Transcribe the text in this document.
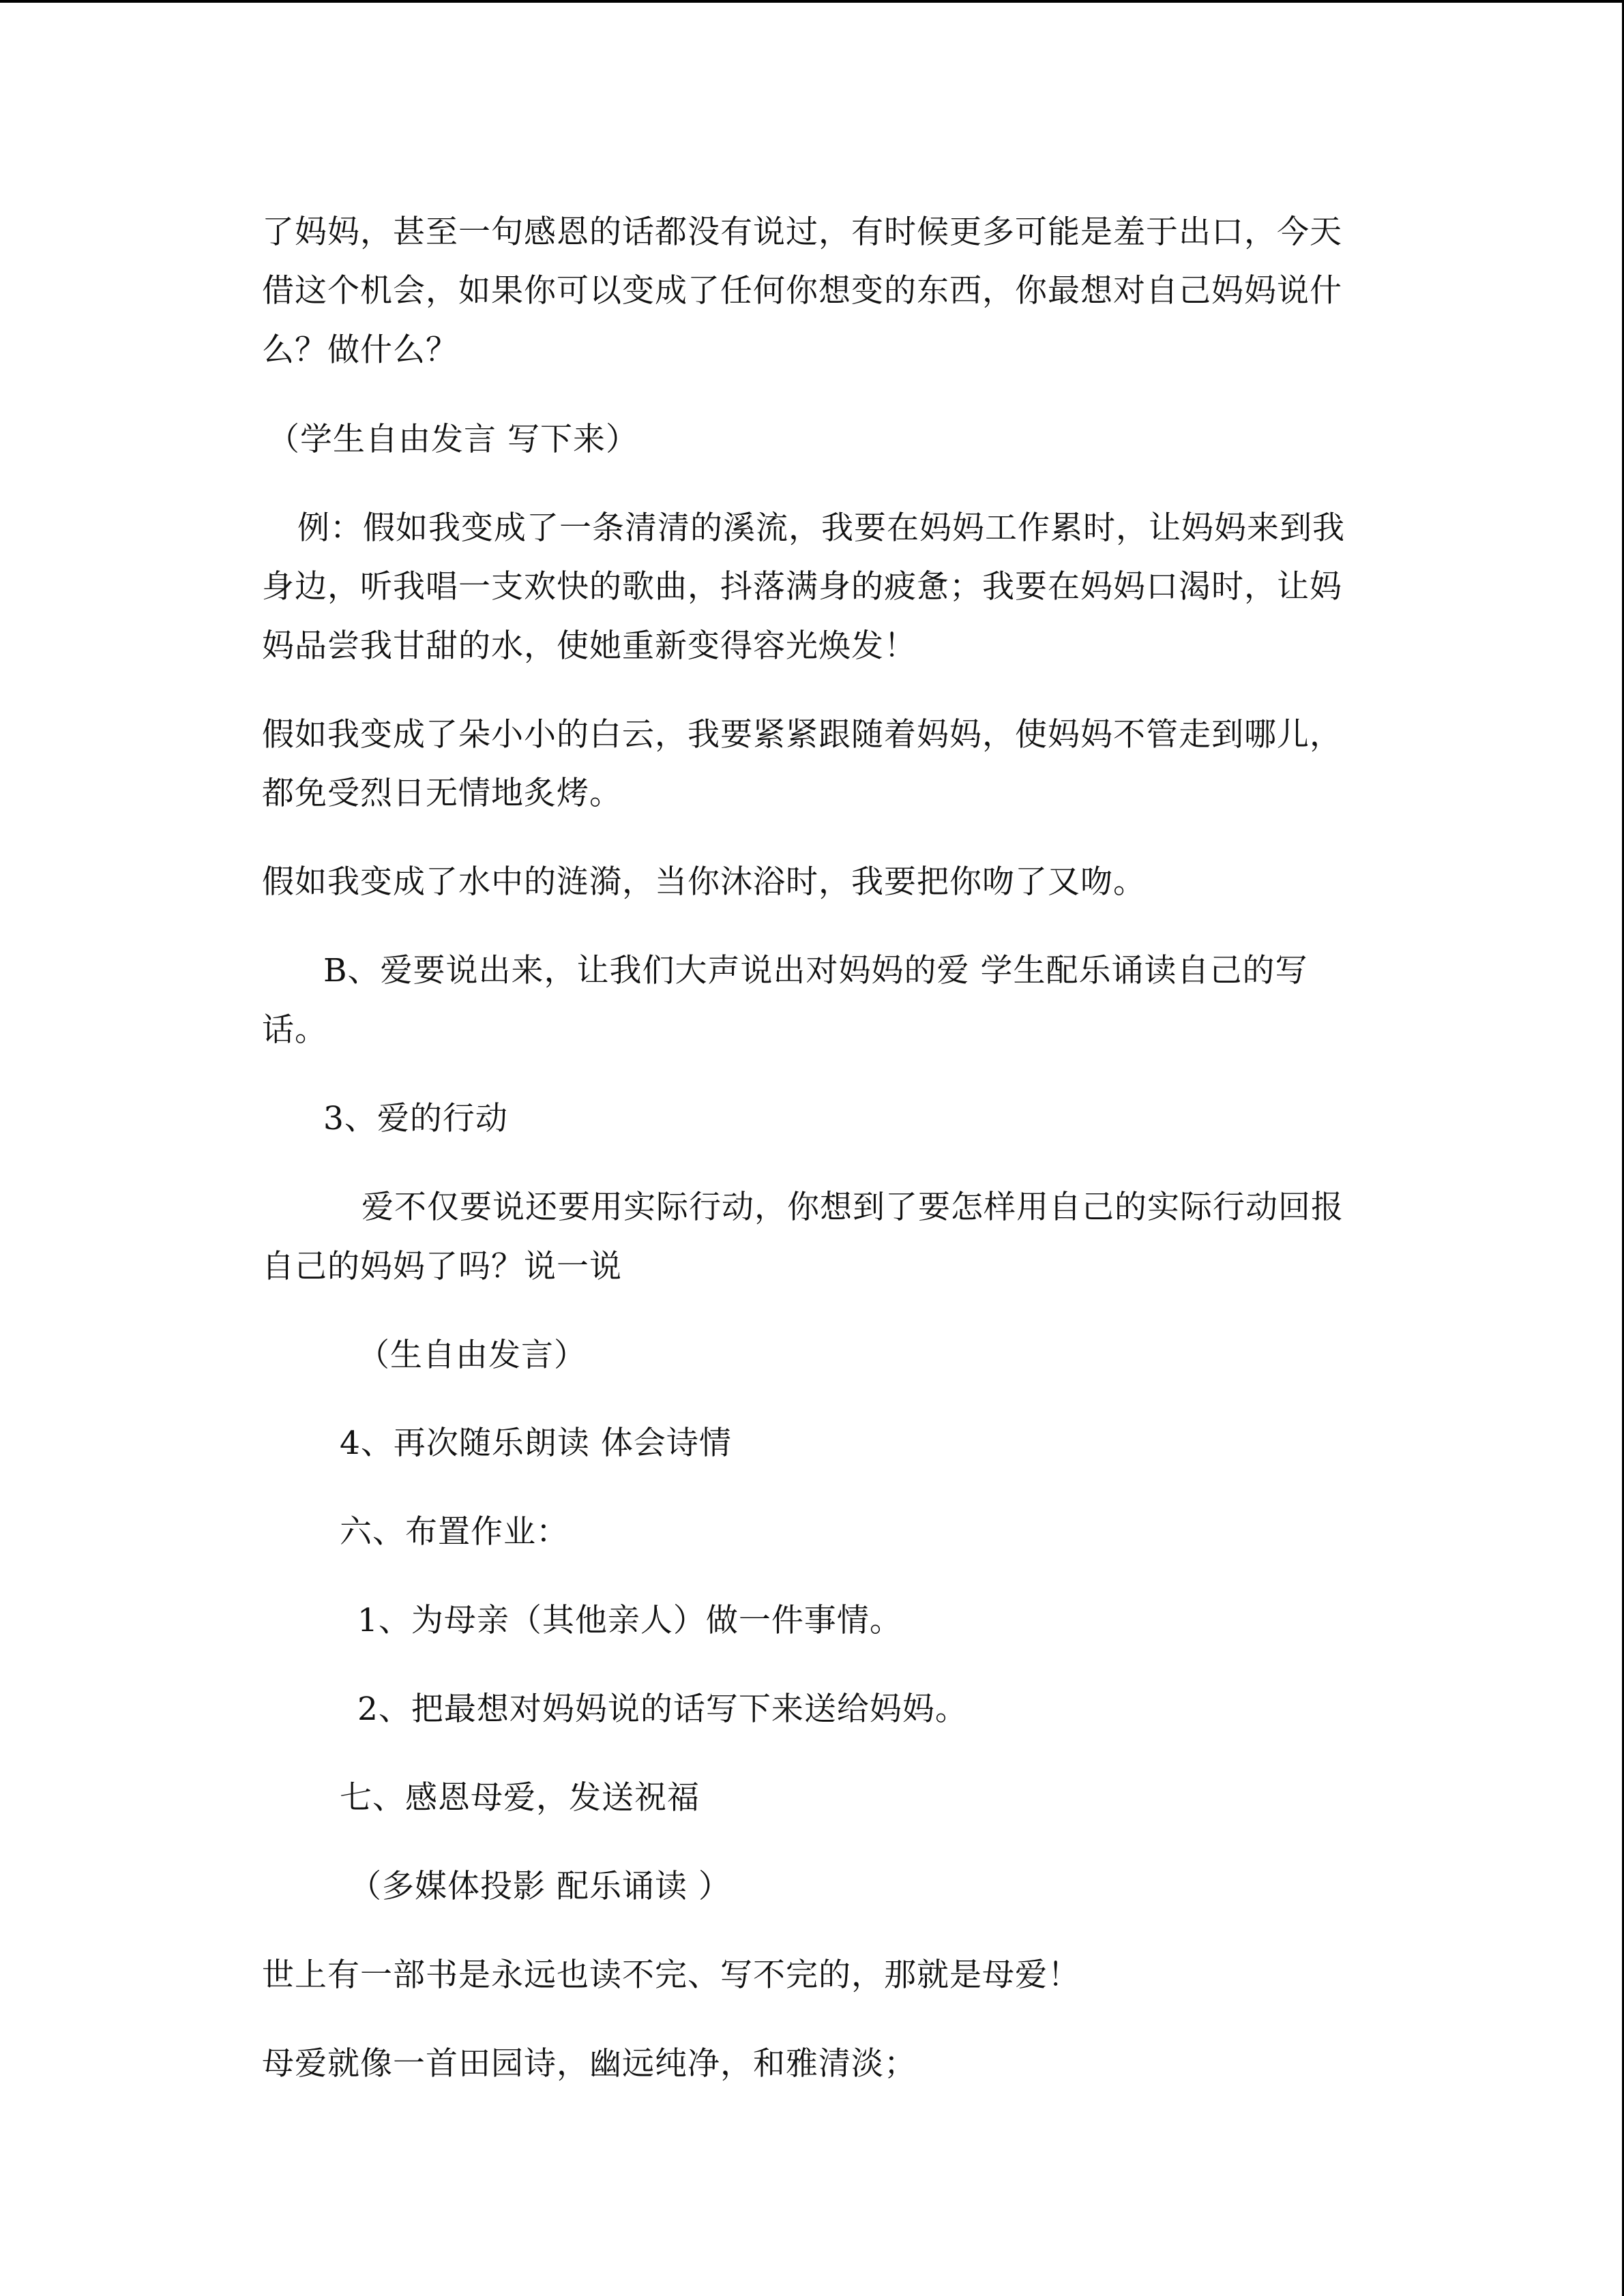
了妈妈，甚至一句感恩的话都没有说过，有时候更多可能是羞于出口，今天
借这个机会，如果你可以变成了任何你想变的东西，你最想对自己妈妈说什
么？做什么？
（学生自由发言 写下来）
例：假如我变成了一条清清的溪流，我要在妈妈工作累时，让妈妈来到我
身边，听我唱一支欢快的歌曲，抖落满身的疲惫；我要在妈妈口渴时，让妈
妈品尝我甘甜的水，使她重新变得容光焕发！
假如我变成了朵小小的白云，我要紧紧跟随着妈妈，使妈妈不管走到哪儿，
都免受烈日无情地炙烤。
假如我变成了水中的涟漪，当你沐浴时，我要把你吻了又吻。
B、爱要说出来，让我们大声说出对妈妈的爱 学生配乐诵读自己的写
话。
3、爱的行动
爱不仅要说还要用实际行动，你想到了要怎样用自己的实际行动回报
自己的妈妈了吗？说一说
（生自由发言）
4、再次随乐朗读 体会诗情
六、布置作业：
1、为母亲（其他亲人）做一件事情。
2、把最想对妈妈说的话写下来送给妈妈。
七、感恩母爱，发送祝福
（多媒体投影 配乐诵读 ）
世上有一部书是永远也读不完、写不完的，那就是母爱！
母爱就像一首田园诗，幽远纯净，和雅清淡；
